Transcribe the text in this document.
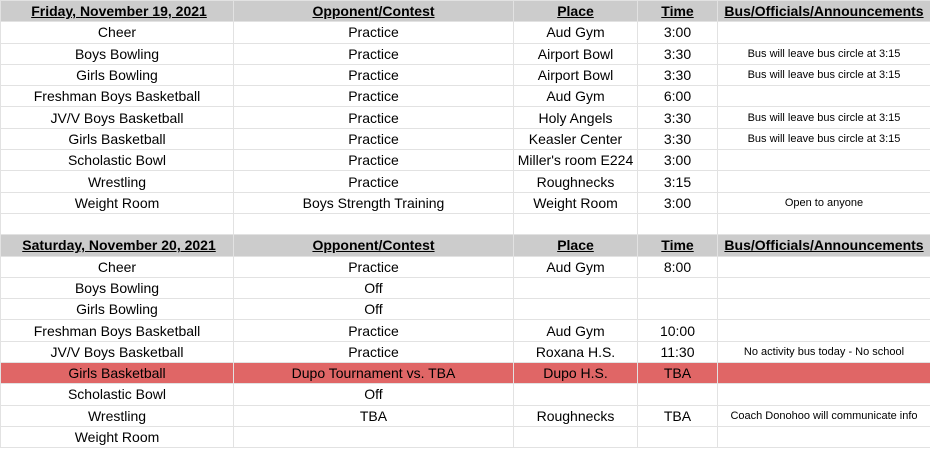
Friday, November 19, 2021	Opponent/Contest	Place	Time	Bus/Officials/Announcements
Cheer	Practice	Aud Gym	3:00	
Boys Bowling	Practice	Airport Bowl	3:30	Bus will leave bus circle at 3:15
Girls Bowling	Practice	Airport Bowl	3:30	Bus will leave bus circle at 3:15
Freshman Boys Basketball	Practice	Aud Gym	6:00	
JV/V Boys Basketball	Practice	Holy Angels	3:30	Bus will leave bus circle at 3:15
Girls Basketball	Practice	Keasler Center	3:30	Bus will leave bus circle at 3:15
Scholastic Bowl	Practice	Miller's room E224	3:00	
Wrestling	Practice	Roughnecks	3:15	
Weight Room	Boys Strength Training	Weight Room	3:00	Open to anyone

Saturday, November 20, 2021	Opponent/Contest	Place	Time	Bus/Officials/Announcements
Cheer	Practice	Aud Gym	8:00	
Boys Bowling	Off			
Girls Bowling	Off			
Freshman Boys Basketball	Practice	Aud Gym	10:00	
JV/V Boys Basketball	Practice	Roxana H.S.	11:30	No activity bus today - No school
Girls Basketball	Dupo Tournament vs. TBA	Dupo H.S.	TBA	
Scholastic Bowl	Off			
Wrestling	TBA	Roughnecks	TBA	Coach Donohoo will communicate info
Weight Room				
